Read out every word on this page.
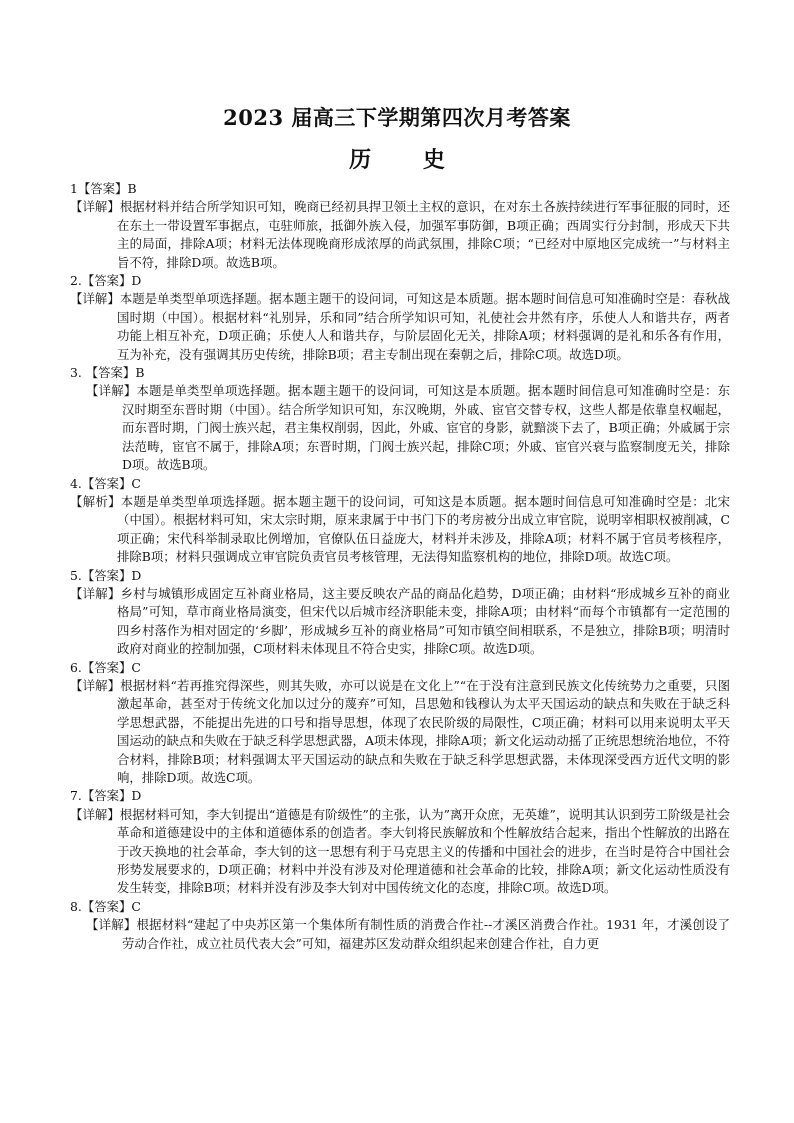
2023 届高三下学期第四次月考答案
历 史

1【答案】B

【详解】根据材料并结合所学知识可知，晚商已经初具捍卫领土主权的意识，在对东土各族持续进行军事征服的同时，还在东土一带设置军事据点，屯驻师旅，抵御外族入侵，加强军事防御，B项正确；西周实行分封制，形成天下共主的局面，排除A项；材料无法体现晚商形成浓厚的尚武氛围，排除C项；“已经对中原地区完成统一”与材料主旨不符，排除D项。故选B项。

2.【答案】D

【详解】本题是单类型单项选择题。据本题主题干的设问词，可知这是本质题。据本题时间信息可知准确时空是：春秋战国时期（中国）。根据材料“礼别异，乐和同”结合所学知识可知，礼使社会井然有序，乐使人人和谐共存，两者功能上相互补充，D项正确；乐使人人和谐共存，与阶层固化无关，排除A项；材料强调的是礼和乐各有作用，互为补充，没有强调其历史传统，排除B项；君主专制出现在秦朝之后，排除C项。故选D项。

3. 【答案】B

【详解】本题是单类型单项选择题。据本题主题干的设问词，可知这是本质题。据本题时间信息可知准确时空是：东汉时期至东晋时期（中国）。结合所学知识可知，东汉晚期，外戚、宦官交替专权，这些人都是依靠皇权崛起，而东晋时期，门阀士族兴起，君主集权削弱，因此，外戚、宦官的身影，就黯淡下去了，B项正确；外戚属于宗法范畴，宦官不属于，排除A项；东晋时期，门阀士族兴起，排除C项；外戚、宦官兴衰与监察制度无关，排除D项。故选B项。

4.【答案】C

【解析】本题是单类型单项选择题。据本题主题干的设问词，可知这是本质题。据本题时间信息可知准确时空是：北宋（中国）。根据材料可知，宋太宗时期，原来隶属于中书门下的考房被分出成立审官院，说明宰相职权被削减，C项正确；宋代科举制录取比例增加，官僚队伍日益庞大，材料并未涉及，排除A项；材料不属于官员考核程序，排除B项；材料只强调成立审官院负责官员考核管理，无法得知监察机构的地位，排除D项。故选C项。

5.【答案】D

【详解】乡村与城镇形成固定互补商业格局，这主要反映农产品的商品化趋势，D项正确；由材料“形成城乡互补的商业格局”可知，草市商业格局演变，但宋代以后城市经济职能未变，排除A项；由材料“而每个市镇都有一定范围的四乡村落作为相对固定的‘乡脚’，形成城乡互补的商业格局”可知市镇空间相联系，不是独立，排除B项；明清时政府对商业的控制加强，C项材料未体现且不符合史实，排除C项。故选D项。

6.【答案】C

【详解】根据材料“若再推究得深些，则其失败，亦可以说是在文化上”“在于没有注意到民族文化传统势力之重要，只图激起革命，甚至对于传统文化加以过分的蔑弃”可知，吕思勉和钱穆认为太平天国运动的缺点和失败在于缺乏科学思想武器，不能提出先进的口号和指导思想，体现了农民阶级的局限性，C项正确；材料可以用来说明太平天国运动的缺点和失败在于缺乏科学思想武器，A项未体现，排除A项；新文化运动动摇了正统思想统治地位，不符合材料，排除B项；材料强调太平天国运动的缺点和失败在于缺乏科学思想武器，未体现深受西方近代文明的影响，排除D项。故选C项。

7.【答案】D

【详解】根据材料可知，李大钊提出“道德是有阶级性”的主张，认为”离开众庶，无英雄”，说明其认识到劳工阶级是社会革命和道德建设中的主体和道德体系的创造者。李大钊将民族解放和个性解放结合起来，指出个性解放的出路在于改天换地的社会革命，李大钊的这一思想有利于马克思主义的传播和中国社会的进步，在当时是符合中国社会形势发展要求的，D项正确；材料中并没有涉及对伦理道德和社会革命的比较，排除A项；新文化运动性质没有发生转变，排除B项；材料并没有涉及李大钊对中国传统文化的态度，排除C项。故选D项。

8.【答案】C

【详解】根据材料“建起了中央苏区第一个集体所有制性质的消费合作社--才溪区消费合作社。1931 年，才溪创设了劳动合作社，成立社员代表大会”可知，福建苏区发动群众组织起来创建合作社，自力更
